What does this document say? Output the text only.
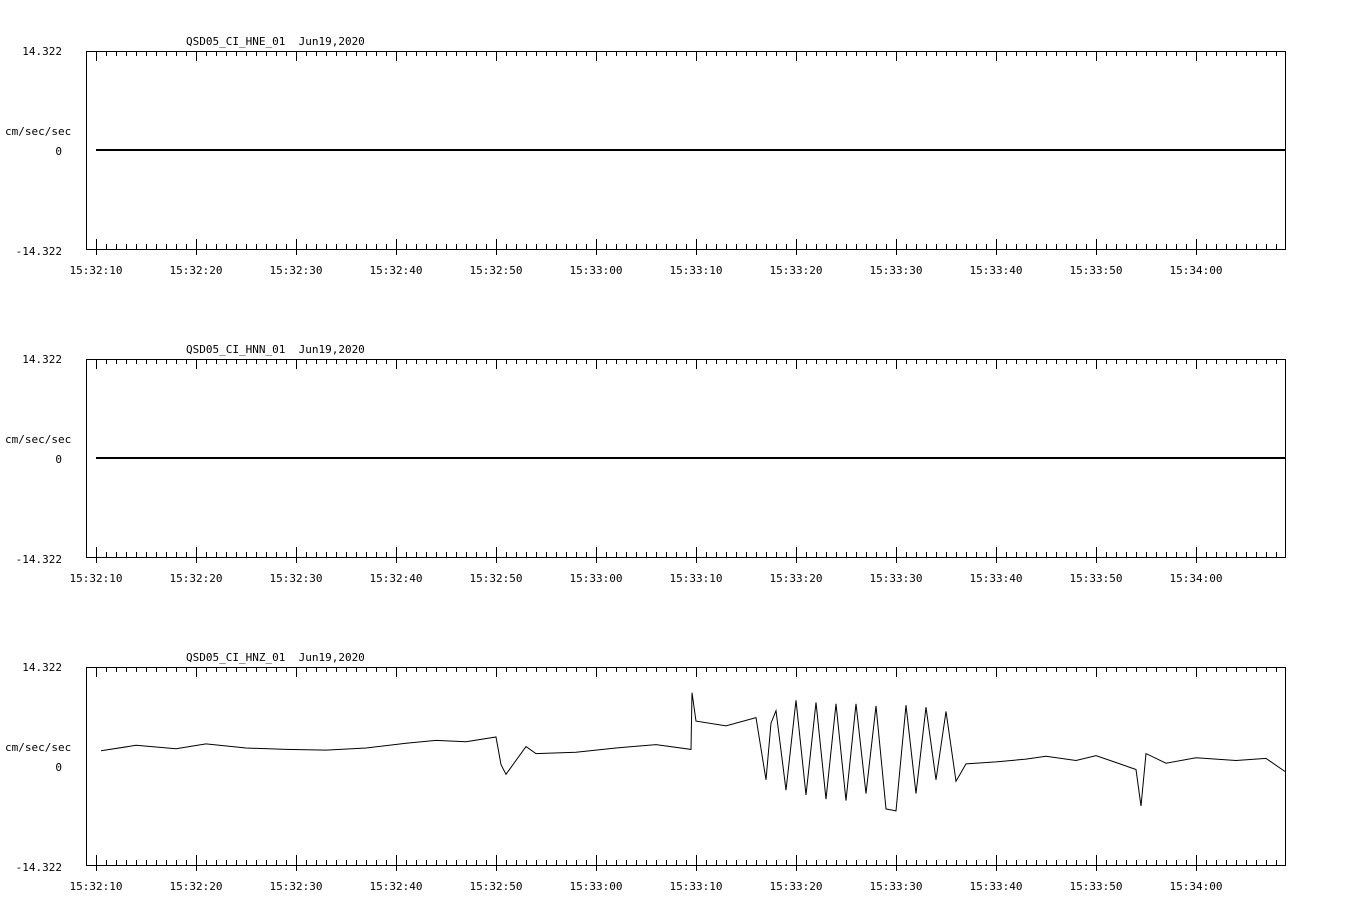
QSD05_CI_HNE_01  Jun19,2020
cm/sec/sec
14.322
0
-14.322
15:32:10	15:32:20	15:32:30	15:32:40	15:32:50	15:33:00	15:33:10	15:33:20	15:33:30	15:33:40	15:33:50	15:34:00
QSD05_CI_HNN_01  Jun19,2020
cm/sec/sec
14.322
0
-14.322
15:32:10	15:32:20	15:32:30	15:32:40	15:32:50	15:33:00	15:33:10	15:33:20	15:33:30	15:33:40	15:33:50	15:34:00
QSD05_CI_HNZ_01  Jun19,2020
cm/sec/sec
14.322
0
-14.322
15:32:10	15:32:20	15:32:30	15:32:40	15:32:50	15:33:00	15:33:10	15:33:20	15:33:30	15:33:40	15:33:50	15:34:00
